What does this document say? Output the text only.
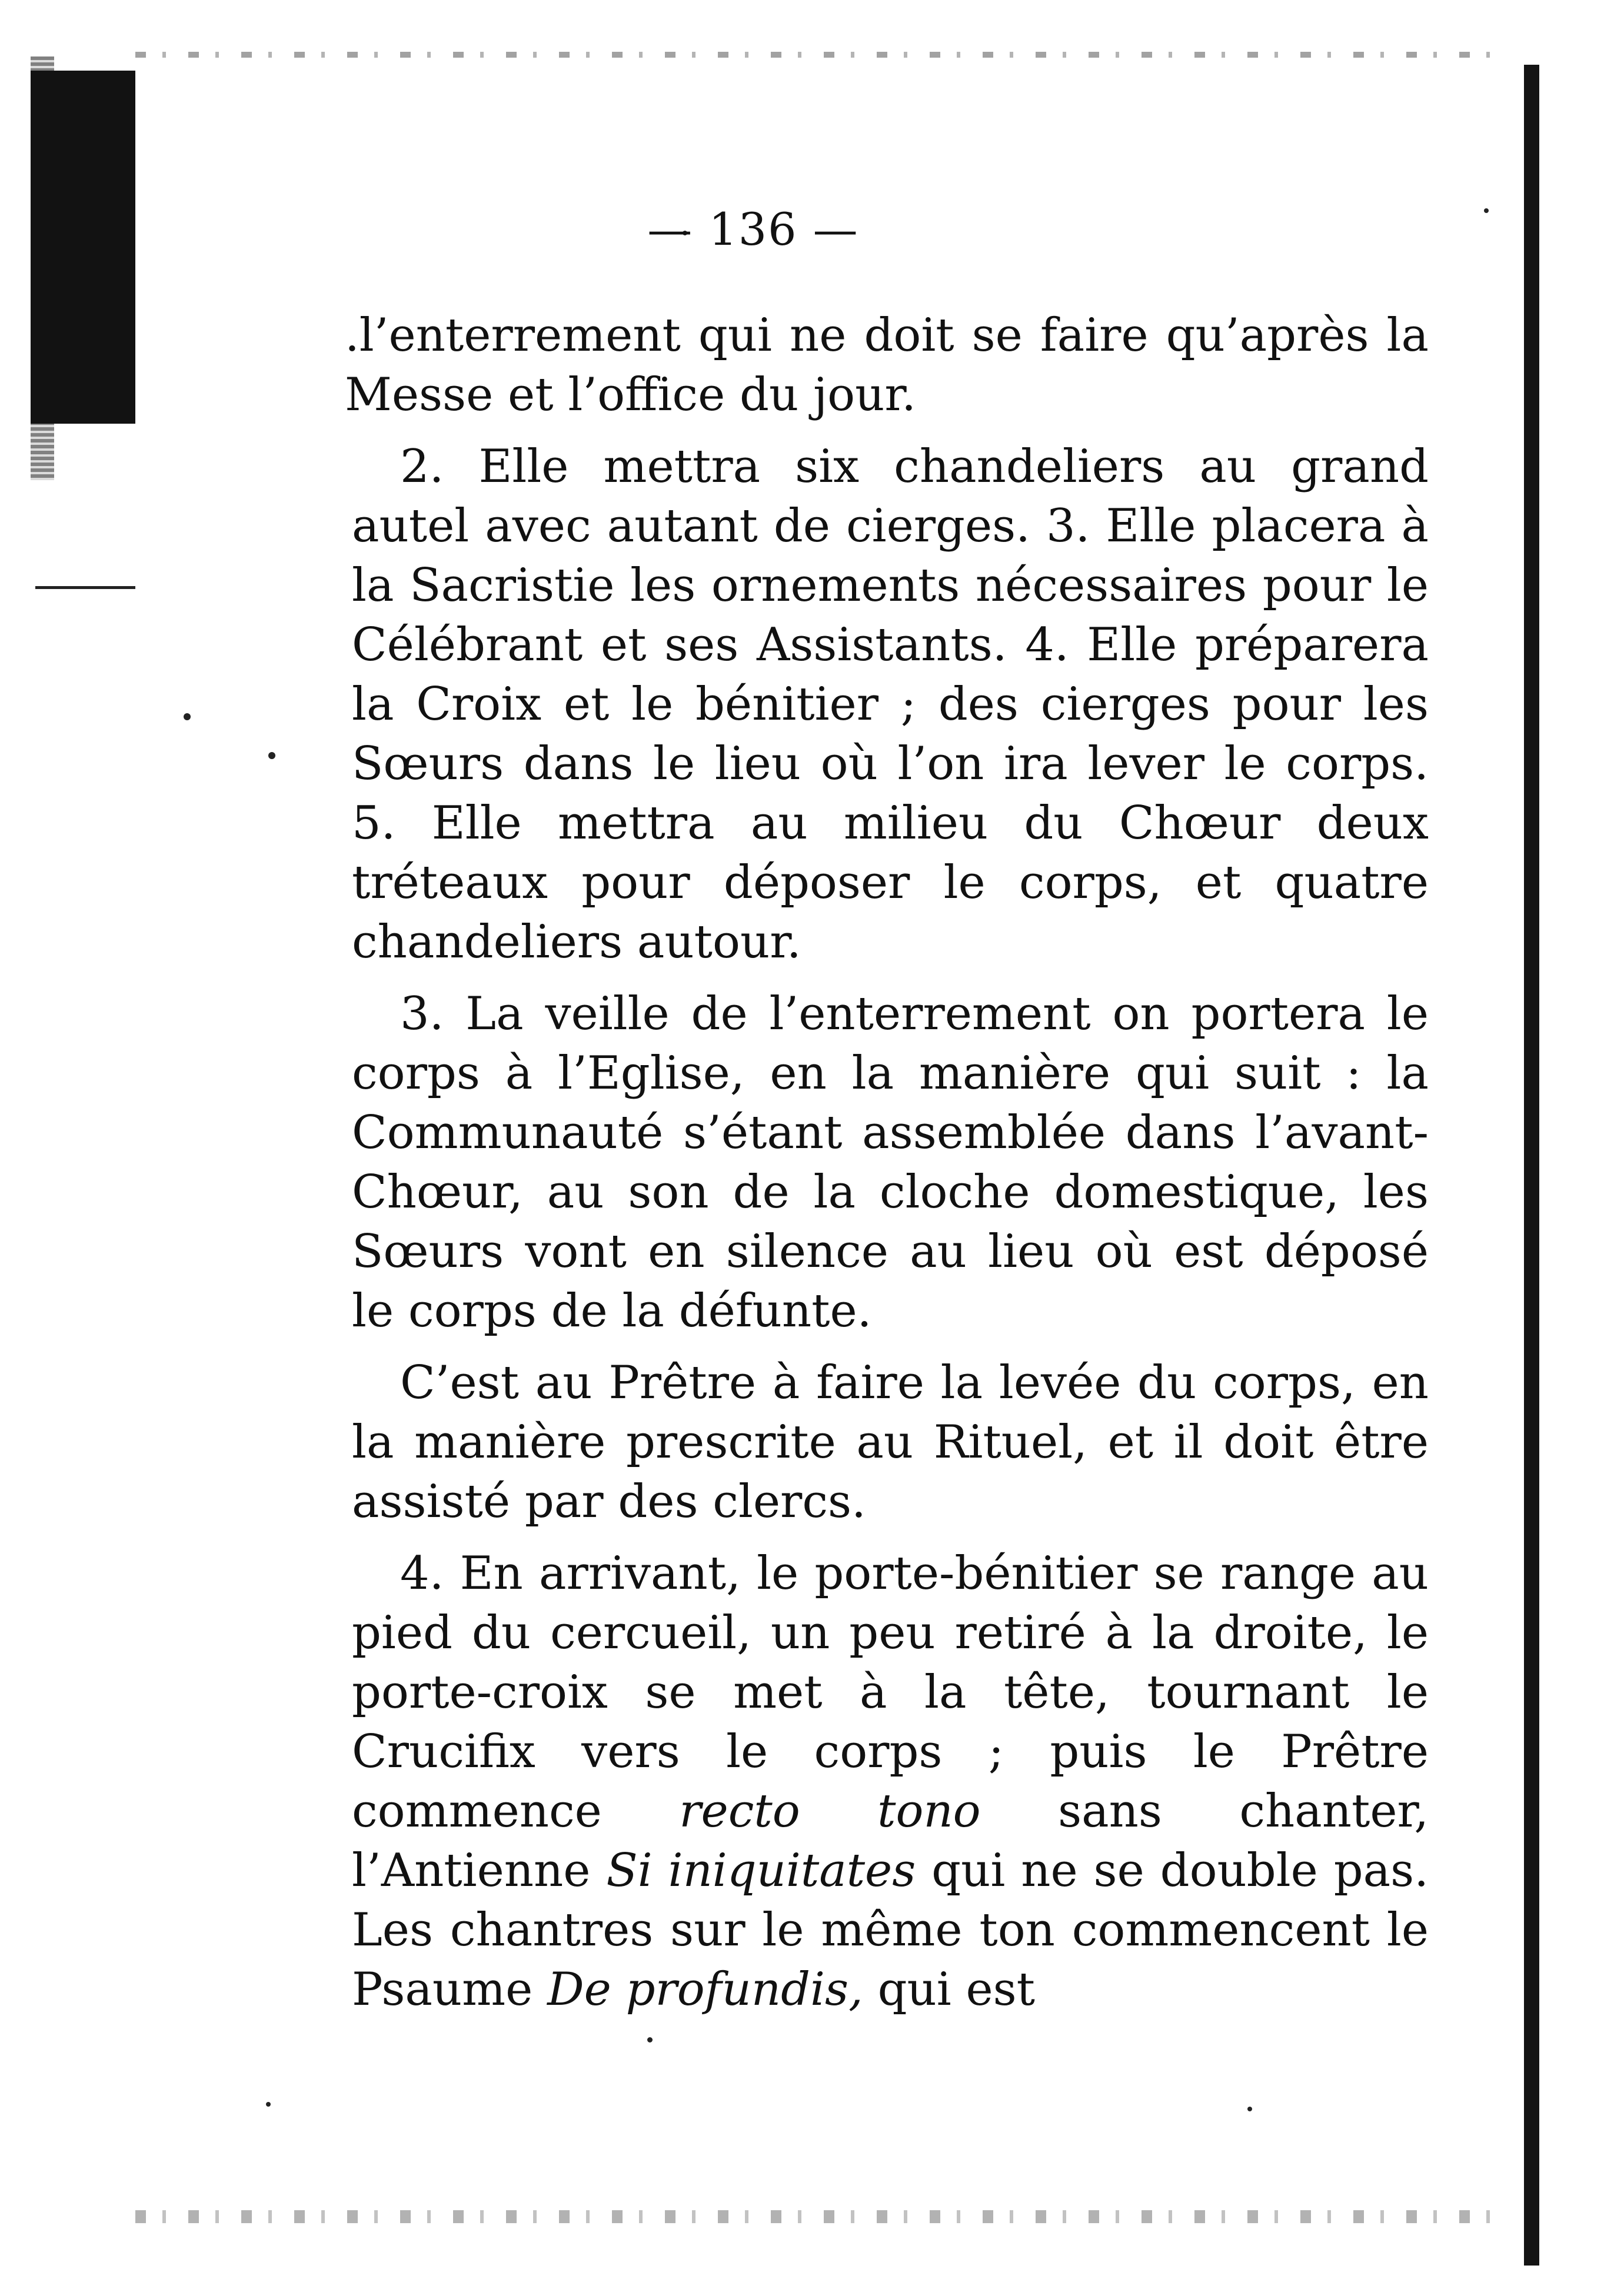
— 136 —

.l’enterrement qui ne doit se faire qu’après la Messe et l’office du jour.

2. Elle mettra six chandeliers au grand autel avec autant de cierges. 3. Elle placera à la Sacristie les ornements nécessaires pour le Célébrant et ses Assistants. 4. Elle préparera la Croix et le bénitier ; des cierges pour les Sœurs dans le lieu où l’on ira lever le corps. 5. Elle mettra au milieu du Chœur deux tréteaux pour déposer le corps, et quatre chandeliers autour.

3. La veille de l’enterrement on portera le corps à l’Eglise, en la manière qui suit : la Communauté s’étant assemblée dans l’avant-Chœur, au son de la cloche domestique, les Sœurs vont en silence au lieu où est déposé le corps de la défunte.

C’est au Prêtre à faire la levée du corps, en la manière prescrite au Rituel, et il doit être assisté par des clercs.

4. En arrivant, le porte-bénitier se range au pied du cercueil, un peu retiré à la droite, le porte-croix se met à la tête, tournant le Crucifix vers le corps ; puis le Prêtre commence recto tono sans chanter, l’Antienne Si iniquitates qui ne se double pas. Les chantres sur le même ton commencent le Psaume De profundis, qui est
